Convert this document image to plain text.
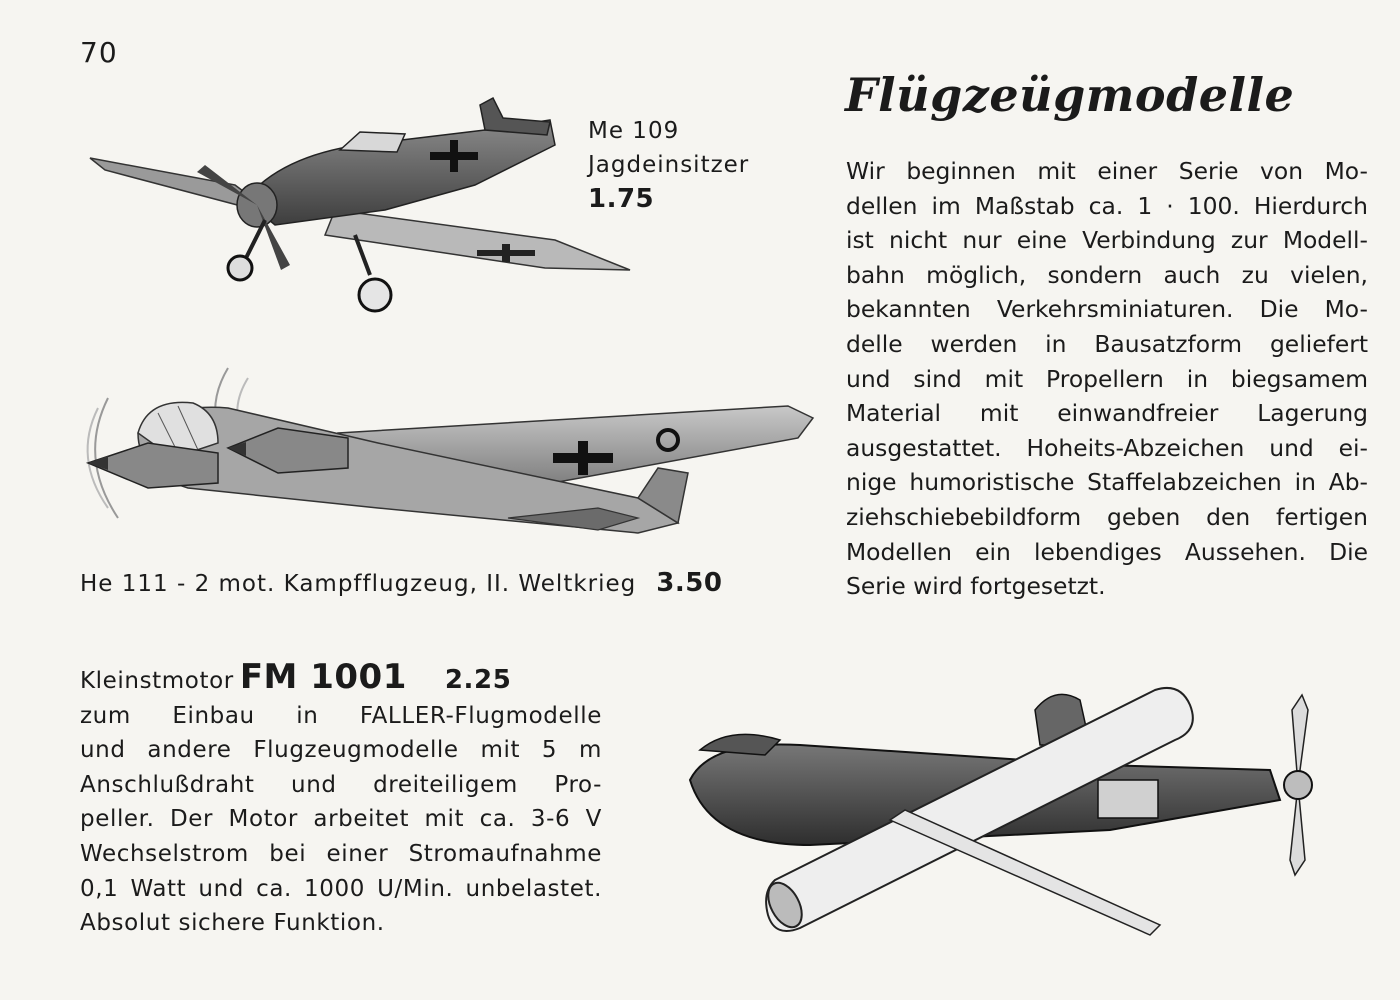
70
Flügzeügmodelle
Wir beginnen mit einer Serie von Mo-
dellen im Maßstab ca. 1 · 100. Hierdurch
ist nicht nur eine Verbindung zur Modell-
bahn möglich, sondern auch zu vielen,
bekannten Verkehrsminiaturen. Die Mo-
delle werden in Bausatzform geliefert
und sind mit Propellern in biegsamem
Material mit einwandfreier Lagerung
ausgestattet. Hoheits-Abzeichen und ei-
nige humoristische Staffelabzeichen in Ab-
ziehschiebebildform geben den fertigen
Modellen ein lebendiges Aussehen. Die
Serie wird fortgesetzt.
Me 109
Jagdeinsitzer
1.75
He 111 - 2 mot. Kampfflugzeug, II. Weltkrieg 3.50
Kleinstmotor FM 1001 2.25
zum Einbau in FALLER-Flugmodelle
und andere Flugzeugmodelle mit 5 m
Anschlußdraht und dreiteiligem Pro-
peller. Der Motor arbeitet mit ca. 3-6 V
Wechselstrom bei einer Stromaufnahme
0,1 Watt und ca. 1000 U/Min. unbelastet.
Absolut sichere Funktion.
